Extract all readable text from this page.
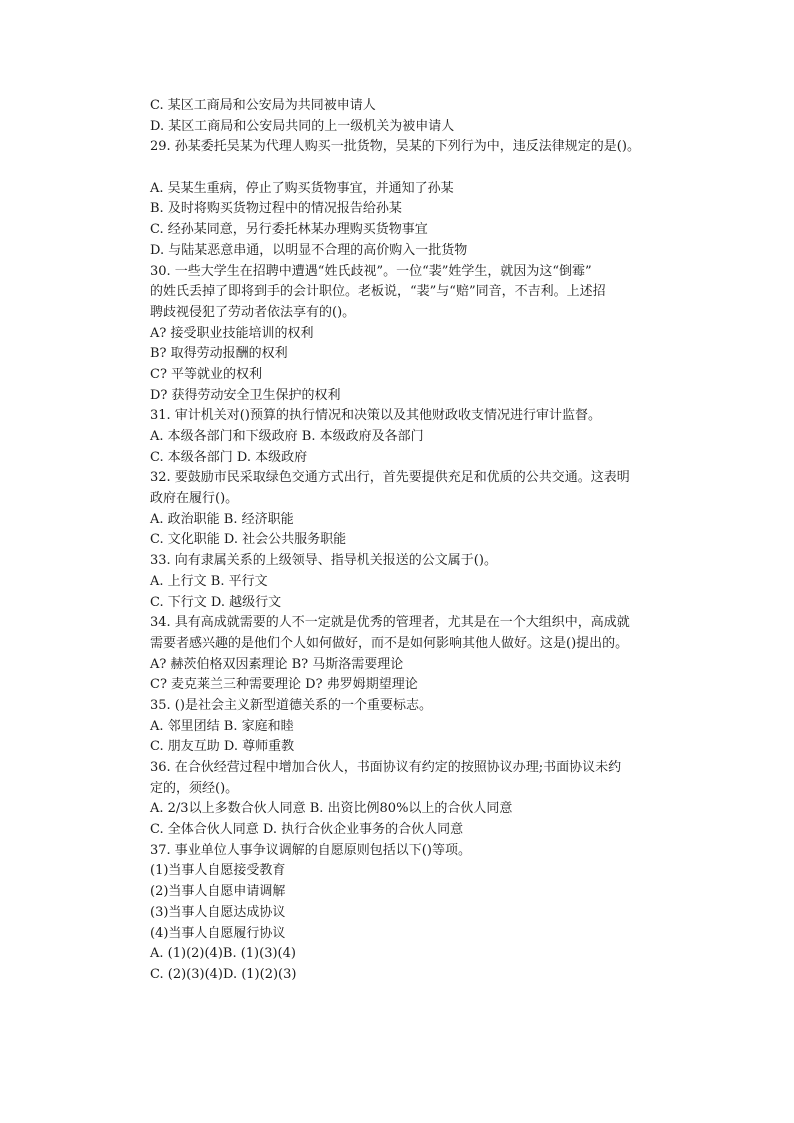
C. 某区工商局和公安局为共同被申请人
D. 某区工商局和公安局共同的上一级机关为被申请人
29. 孙某委托吴某为代理人购买一批货物，吴某的下列行为中，违反法律规定的是()。
A. 吴某生重病，停止了购买货物事宜，并通知了孙某
B. 及时将购买货物过程中的情况报告给孙某
C. 经孙某同意，另行委托林某办理购买货物事宜
D. 与陆某恶意串通，以明显不合理的高价购入一批货物
30. 一些大学生在招聘中遭遇“姓氏歧视”。一位“裴”姓学生，就因为这“倒霉”
的姓氏丢掉了即将到手的会计职位。老板说，“裴”与“赔”同音，不吉利。上述招
聘歧视侵犯了劳动者依法享有的()。
A? 接受职业技能培训的权利
B? 取得劳动报酬的权利
C? 平等就业的权利
D? 获得劳动安全卫生保护的权利
31. 审计机关对()预算的执行情况和决策以及其他财政收支情况进行审计监督。
A. 本级各部门和下级政府 B. 本级政府及各部门
C. 本级各部门 D. 本级政府
32. 要鼓励市民采取绿色交通方式出行，首先要提供充足和优质的公共交通。这表明
政府在履行()。
A. 政治职能 B. 经济职能
C. 文化职能 D. 社会公共服务职能
33. 向有隶属关系的上级领导、指导机关报送的公文属于()。
A. 上行文 B. 平行文
C. 下行文 D. 越级行文
34. 具有高成就需要的人不一定就是优秀的管理者，尤其是在一个大组织中，高成就
需要者感兴趣的是他们个人如何做好，而不是如何影响其他人做好。这是()提出的。
A? 赫茨伯格双因素理论 B? 马斯洛需要理论
C? 麦克莱兰三种需要理论 D? 弗罗姆期望理论
35. ()是社会主义新型道德关系的一个重要标志。
A. 邻里团结 B. 家庭和睦
C. 朋友互助 D. 尊师重教
36. 在合伙经营过程中增加合伙人，书面协议有约定的按照协议办理;书面协议未约
定的，须经()。
A. 2/3以上多数合伙人同意 B. 出资比例80%以上的合伙人同意
C. 全体合伙人同意 D. 执行合伙企业事务的合伙人同意
37. 事业单位人事争议调解的自愿原则包括以下()等项。
(1)当事人自愿接受教育
(2)当事人自愿申请调解
(3)当事人自愿达成协议
(4)当事人自愿履行协议
A. (1)(2)(4)B. (1)(3)(4)
C. (2)(3)(4)D. (1)(2)(3)
